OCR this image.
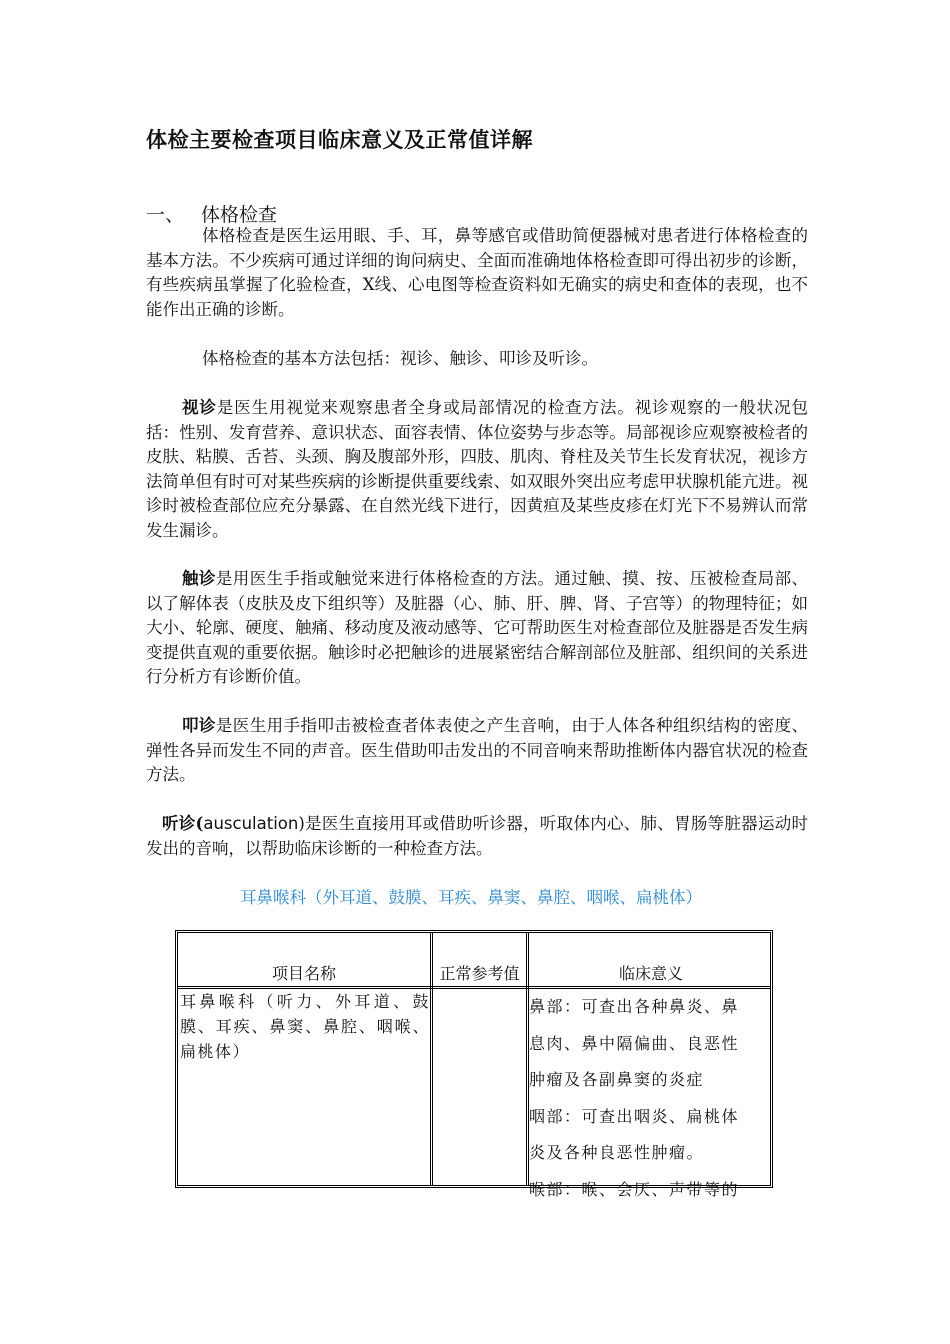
体检主要检查项目临床意义及正常值详解
一、 体格检查

体格检查是医生运用眼、手、耳，鼻等感官或借助简便器械对患者进行体格检查的基本方法。不少疾病可通过详细的询问病史、全面而准确地体格检查即可得出初步的诊断，有些疾病虽掌握了化验检查，X线、心电图等检查资料如无确实的病史和查体的表现，也不能作出正确的诊断。

体格检查的基本方法包括：视诊、触诊、叩诊及听诊。

视诊是医生用视觉来观察患者全身或局部情况的检查方法。视诊观察的一般状况包括：性别、发育营养、意识状态、面容表情、体位姿势与步态等。局部视诊应观察被检者的皮肤、粘膜、舌苔、头颈、胸及腹部外形，四肢、肌肉、脊柱及关节生长发育状况，视诊方法简单但有时可对某些疾病的诊断提供重要线索、如双眼外突出应考虑甲状腺机能亢进。视诊时被检查部位应充分暴露、在自然光线下进行，因黄疸及某些皮疹在灯光下不易辨认而常发生漏诊。

触诊是用医生手指或触觉来进行体格检查的方法。通过触、摸、按、压被检查局部、以了解体表（皮肤及皮下组织等）及脏器（心、肺、肝、脾、肾、子宫等）的物理特征；如大小、轮廓、硬度、触痛、移动度及液动感等、它可帮助医生对检查部位及脏器是否发生病变提供直观的重要依据。触诊时必把触诊的进展紧密结合解剖部位及脏部、组织间的关系进行分析方有诊断价值。

叩诊是医生用手指叩击被检查者体表使之产生音响，由于人体各种组织结构的密度、弹性各异而发生不同的声音。医生借助叩击发出的不同音响来帮助推断体内器官状况的检查方法。

听诊(ausculation)是医生直接用耳或借助听诊器，听取体内心、肺、胃肠等脏器运动时发出的音响，以帮助临床诊断的一种检查方法。

耳鼻喉科（外耳道、鼓膜、耳疾、鼻窦、鼻腔、咽喉、扁桃体）
项目名称	正常参考值	临床意义
耳鼻喉科（听力、外耳道、鼓膜、耳疾、鼻窦、鼻腔、咽喉、扁桃体）
鼻部：可查出各种鼻炎、鼻
息肉、鼻中隔偏曲、良恶性
肿瘤及各副鼻窦的炎症
咽部：可查出咽炎、扁桃体
炎及各种良恶性肿瘤。
喉部：喉、会厌、声带等的
